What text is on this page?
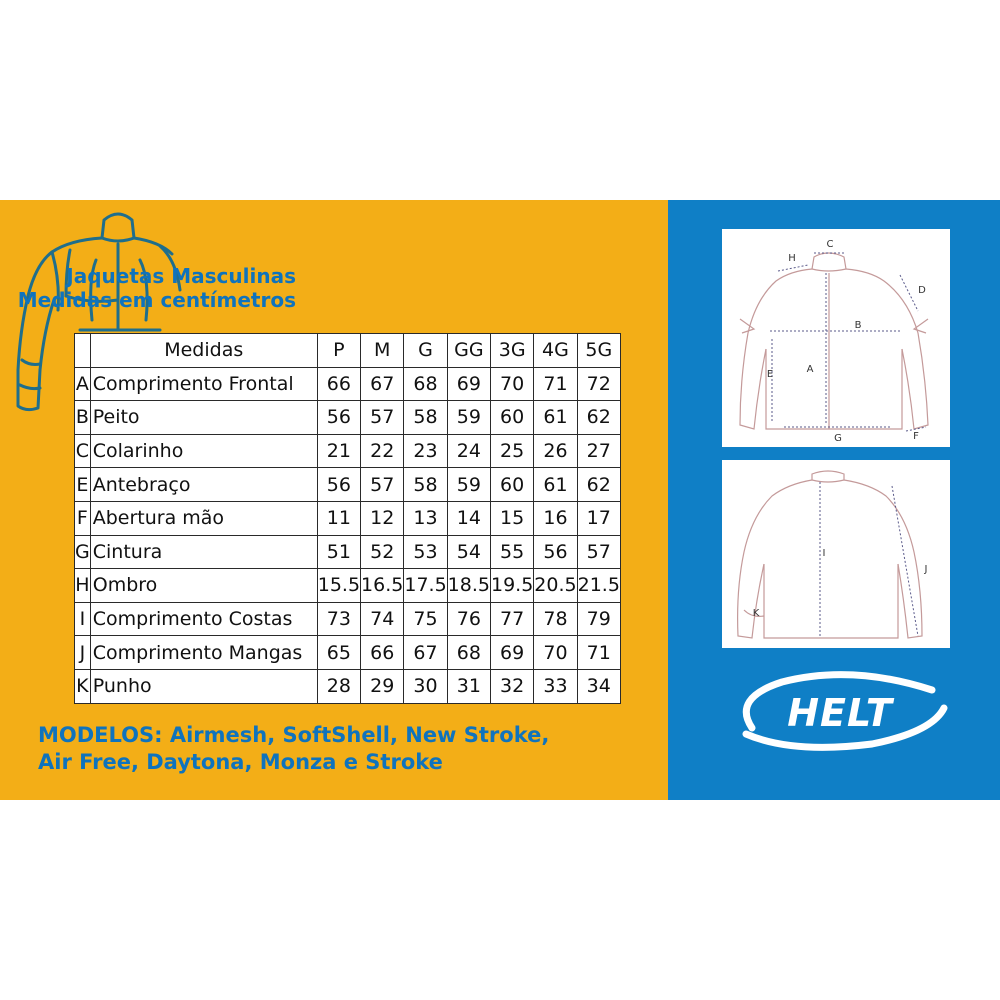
Jaquetas Masculinas
Medidas em centímetros
	Medidas	P	M	G	GG	3G	4G	5G
A	Comprimento Frontal	66	67	68	69	70	71	72
B	Peito	56	57	58	59	60	61	62
C	Colarinho	21	22	23	24	25	26	27
E	Antebraço	56	57	58	59	60	61	62
F	Abertura mão	11	12	13	14	15	16	17
G	Cintura	51	52	53	54	55	56	57
H	Ombro	15.5	16.5	17.5	18.5	19.5	20.5	21.5
I	Comprimento Costas	73	74	75	76	77	78	79
J	Comprimento Mangas	65	66	67	68	69	70	71
K	Punho	28	29	30	31	32	33	34
MODELOS: Airmesh, SoftShell, New Stroke,
Air Free, Daytona, Monza e Stroke
C
H
D
B
A
E
G	F
I
J
K
HELT
